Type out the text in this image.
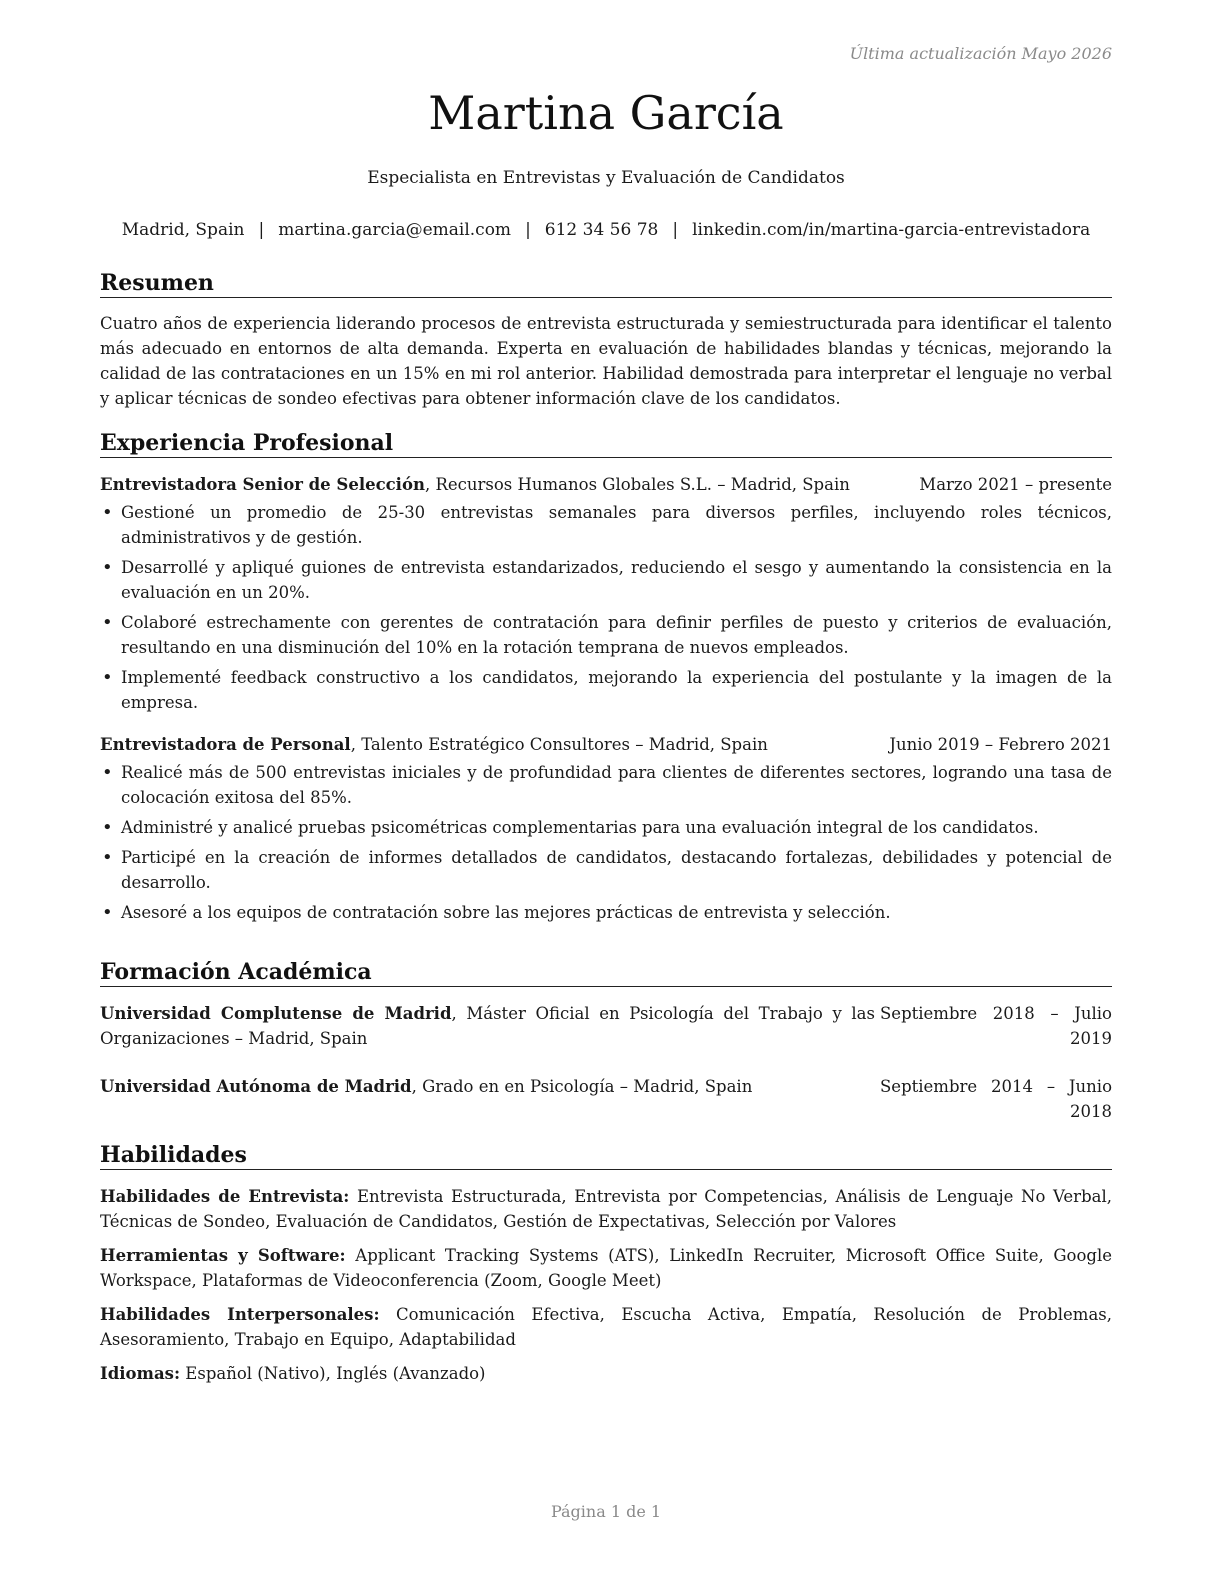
Última actualización Mayo 2026
Martina García
Especialista en Entrevistas y Evaluación de Candidatos
Madrid, Spain | martina.garcia@email.com | 612 34 56 78 | linkedin.com/in/martina-garcia-entrevistadora
Resumen
Cuatro años de experiencia liderando procesos de entrevista estructurada y semiestructurada para identificar el talento más adecuado en entornos de alta demanda. Experta en evaluación de habilidades blandas y técnicas, mejorando la calidad de las contrataciones en un 15% en mi rol anterior. Habilidad demostrada para interpretar el lenguaje no verbal y aplicar técnicas de sondeo efectivas para obtener información clave de los candidatos.
Experiencia Profesional
Entrevistadora Senior de Selección, Recursos Humanos Globales S.L. – Madrid, Spain	Marzo 2021 – presente
• Gestioné un promedio de 25-30 entrevistas semanales para diversos perfiles, incluyendo roles técnicos, administrativos y de gestión.
• Desarrollé y apliqué guiones de entrevista estandarizados, reduciendo el sesgo y aumentando la consistencia en la evaluación en un 20%.
• Colaboré estrechamente con gerentes de contratación para definir perfiles de puesto y criterios de evaluación, resultando en una disminución del 10% en la rotación temprana de nuevos empleados.
• Implementé feedback constructivo a los candidatos, mejorando la experiencia del postulante y la imagen de la empresa.
Entrevistadora de Personal, Talento Estratégico Consultores – Madrid, Spain	Junio 2019 – Febrero 2021
• Realicé más de 500 entrevistas iniciales y de profundidad para clientes de diferentes sectores, logrando una tasa de colocación exitosa del 85%.
• Administré y analicé pruebas psicométricas complementarias para una evaluación integral de los candidatos.
• Participé en la creación de informes detallados de candidatos, destacando fortalezas, debilidades y potencial de desarrollo.
• Asesoré a los equipos de contratación sobre las mejores prácticas de entrevista y selección.
Formación Académica
Universidad Complutense de Madrid, Máster Oficial en Psicología del Trabajo y las Organizaciones – Madrid, Spain
Septiembre 2018 – Julio 2019
Universidad Autónoma de Madrid, Grado en en Psicología – Madrid, Spain	Septiembre 2014 – Junio 2018
Habilidades
Habilidades de Entrevista: Entrevista Estructurada, Entrevista por Competencias, Análisis de Lenguaje No Verbal, Técnicas de Sondeo, Evaluación de Candidatos, Gestión de Expectativas, Selección por Valores
Herramientas y Software: Applicant Tracking Systems (ATS), LinkedIn Recruiter, Microsoft Office Suite, Google Workspace, Plataformas de Videoconferencia (Zoom, Google Meet)
Habilidades Interpersonales: Comunicación Efectiva, Escucha Activa, Empatía, Resolución de Problemas, Asesoramiento, Trabajo en Equipo, Adaptabilidad
Idiomas: Español (Nativo), Inglés (Avanzado)
Página 1 de 1
